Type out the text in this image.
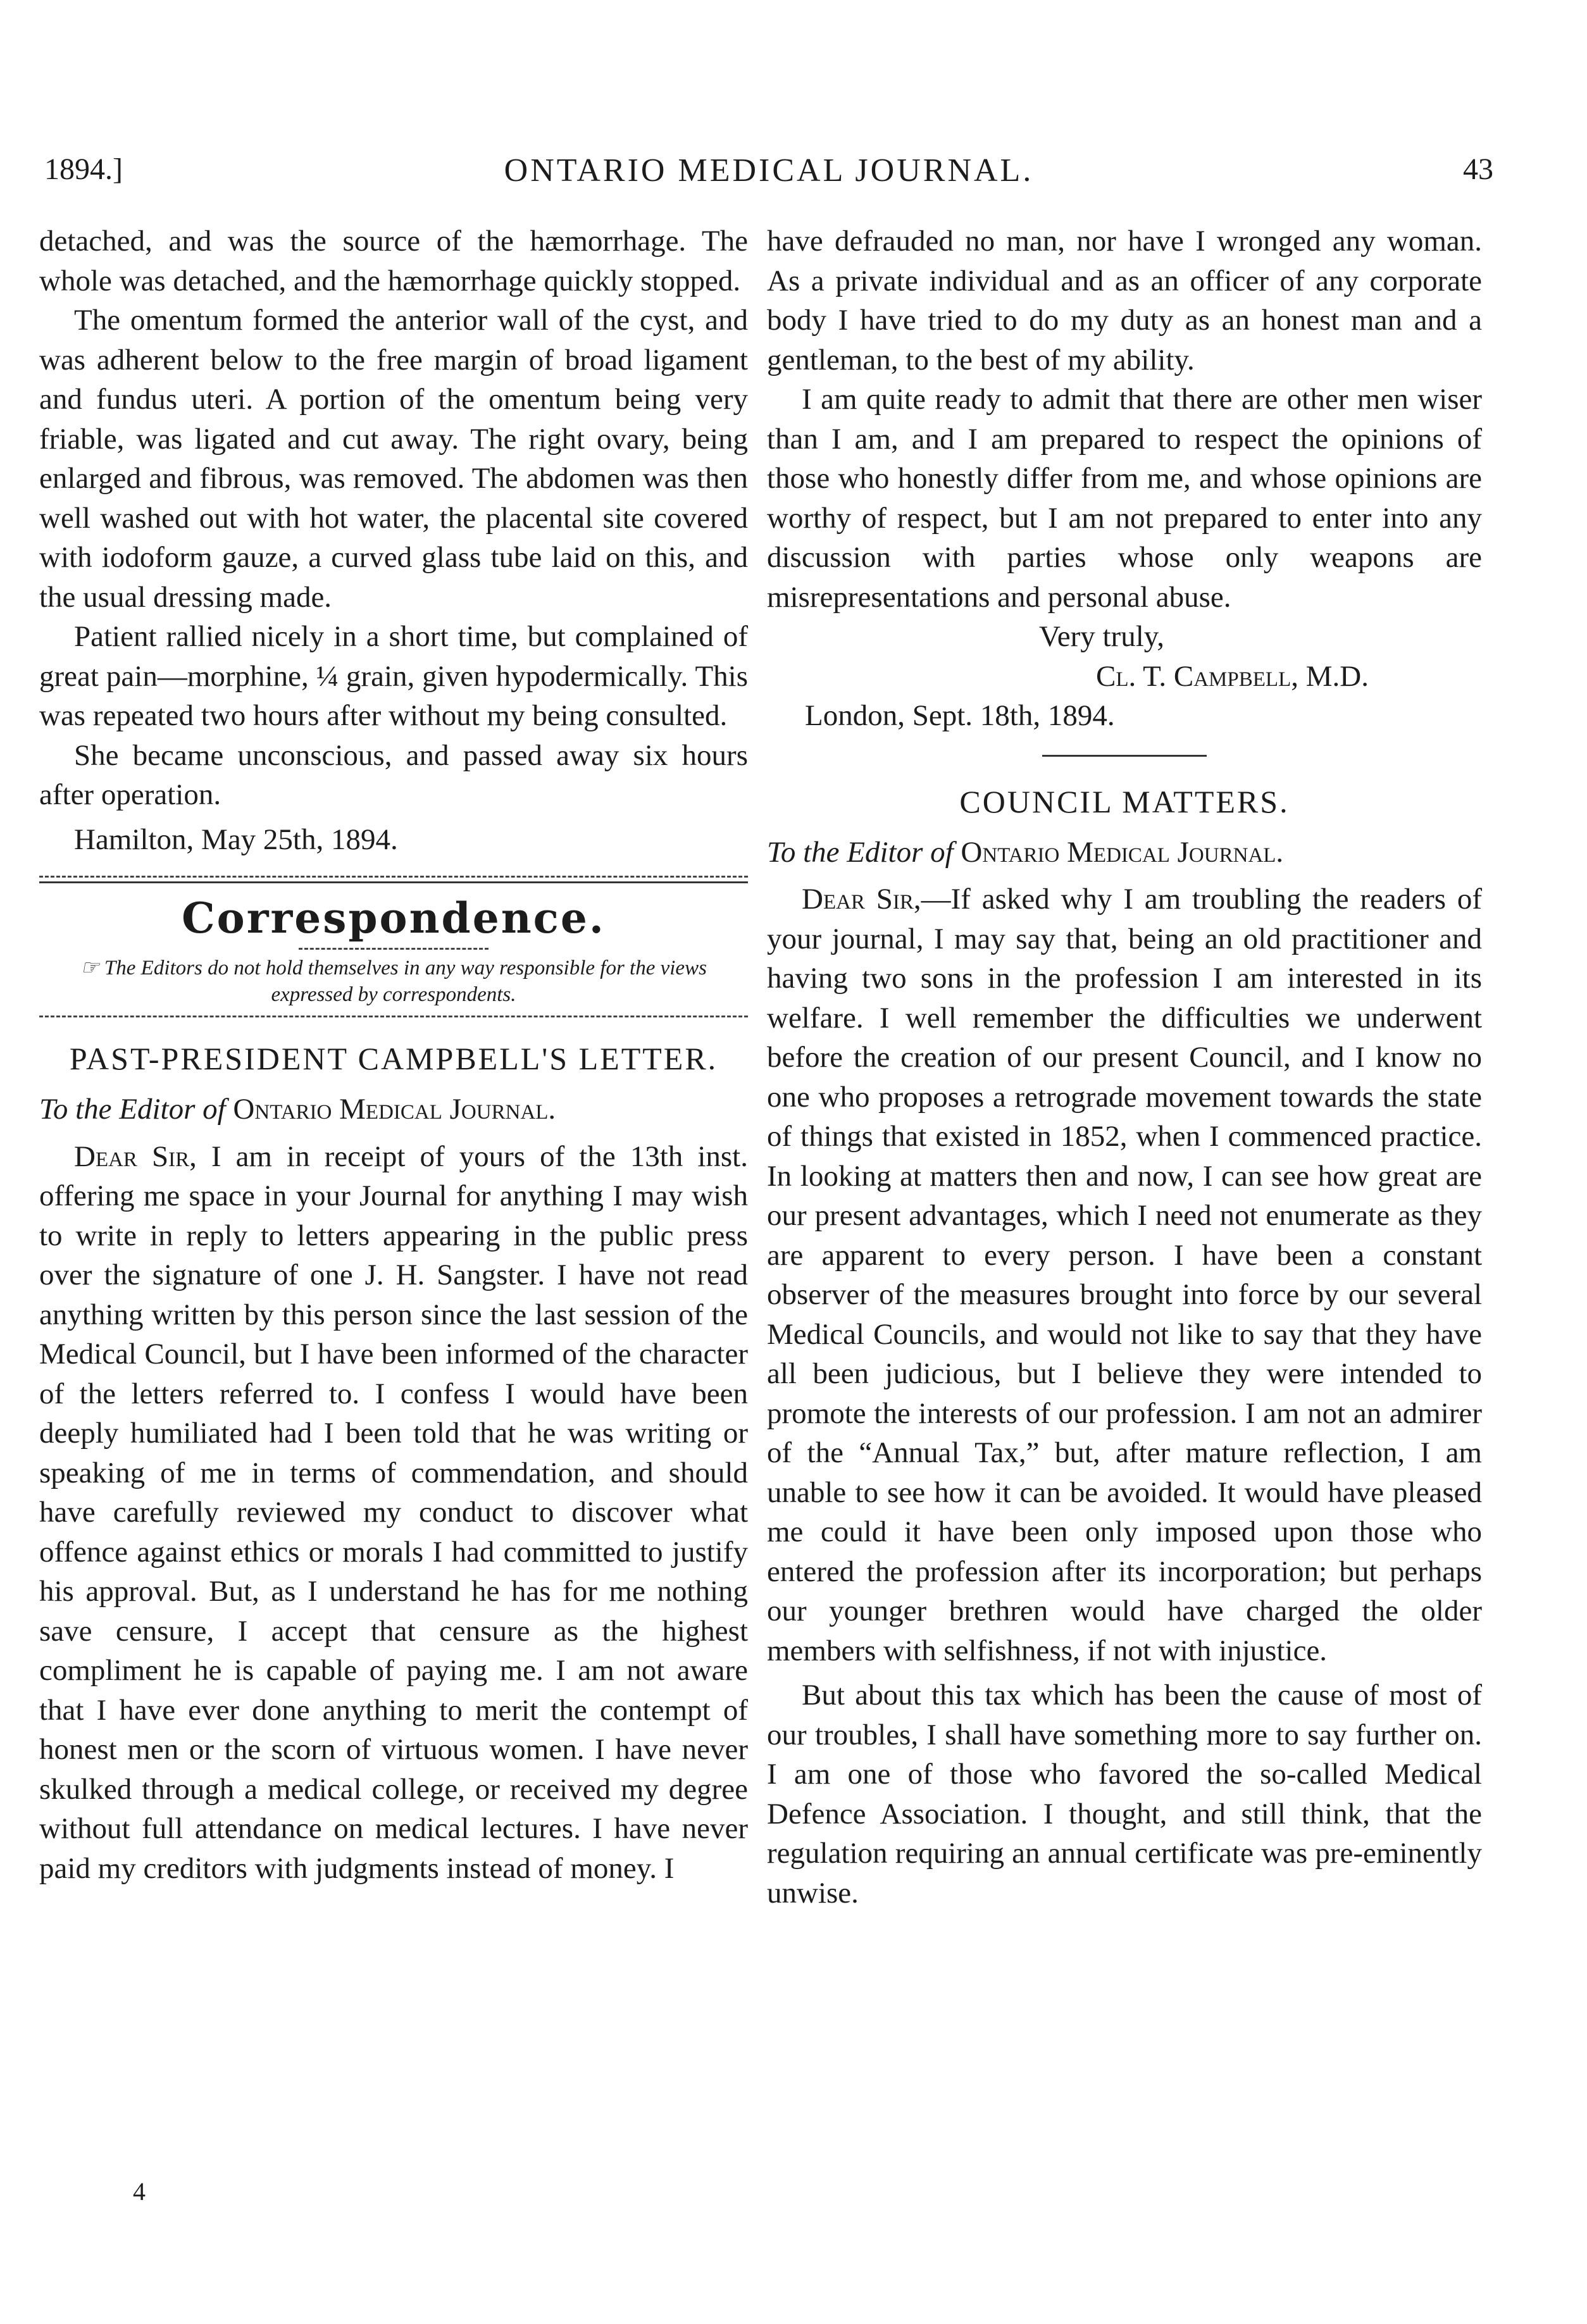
1894.]	ONTARIO MEDICAL JOURNAL.	43

detached, and was the source of the hæmorrhage. The whole was detached, and the hæmorrhage quickly stopped.

The omentum formed the anterior wall of the cyst, and was adherent below to the free margin of broad ligament and fundus uteri. A portion of the omentum being very friable, was ligated and cut away. The right ovary, being enlarged and fibrous, was removed. The abdomen was then well washed out with hot water, the placental site covered with iodoform gauze, a curved glass tube laid on this, and the usual dressing made.

Patient rallied nicely in a short time, but complained of great pain—morphine, ¼ grain, given hypodermically. This was repeated two hours after without my being consulted.

She became unconscious, and passed away six hours after operation.

Hamilton, May 25th, 1894.

Correspondence.
☞ The Editors do not hold themselves in any way responsible for the views expressed by correspondents.
PAST-PRESIDENT CAMPBELL'S LETTER.

To the Editor of Ontario Medical Journal.

Dear Sir, I am in receipt of yours of the 13th inst. offering me space in your Journal for anything I may wish to write in reply to letters appearing in the public press over the signature of one J. H. Sangster. I have not read anything written by this person since the last session of the Medical Council, but I have been informed of the character of the letters referred to. I confess I would have been deeply humiliated had I been told that he was writing or speaking of me in terms of commendation, and should have carefully reviewed my conduct to discover what offence against ethics or morals I had committed to justify his approval. But, as I understand he has for me nothing save censure, I accept that censure as the highest compliment he is capable of paying me. I am not aware that I have ever done anything to merit the contempt of honest men or the scorn of virtuous women. I have never skulked through a medical college, or received my degree without full attendance on medical lectures. I have never paid my creditors with judgments instead of money. I

4

have defrauded no man, nor have I wronged any woman. As a private individual and as an officer of any corporate body I have tried to do my duty as an honest man and a gentleman, to the best of my ability.

I am quite ready to admit that there are other men wiser than I am, and I am prepared to respect the opinions of those who honestly differ from me, and whose opinions are worthy of respect, but I am not prepared to enter into any discussion with parties whose only weapons are misrepresentations and personal abuse.

Very truly,

Cl. T. Campbell, M.D.

London, Sept. 18th, 1894.

COUNCIL MATTERS.

To the Editor of Ontario Medical Journal.

Dear Sir,—If asked why I am troubling the readers of your journal, I may say that, being an old practitioner and having two sons in the profession I am interested in its welfare. I well remember the difficulties we underwent before the creation of our present Council, and I know no one who proposes a retrograde movement towards the state of things that existed in 1852, when I commenced practice. In looking at matters then and now, I can see how great are our present advantages, which I need not enumerate as they are apparent to every person. I have been a constant observer of the measures brought into force by our several Medical Councils, and would not like to say that they have all been judicious, but I believe they were intended to promote the interests of our profession. I am not an admirer of the “Annual Tax,” but, after mature reflection, I am unable to see how it can be avoided. It would have pleased me could it have been only imposed upon those who entered the profession after its incorporation; but perhaps our younger brethren would have charged the older members with selfishness, if not with injustice.

But about this tax which has been the cause of most of our troubles, I shall have something more to say further on. I am one of those who favored the so-called Medical Defence Association. I thought, and still think, that the regulation requiring an annual certificate was pre-eminently unwise.
